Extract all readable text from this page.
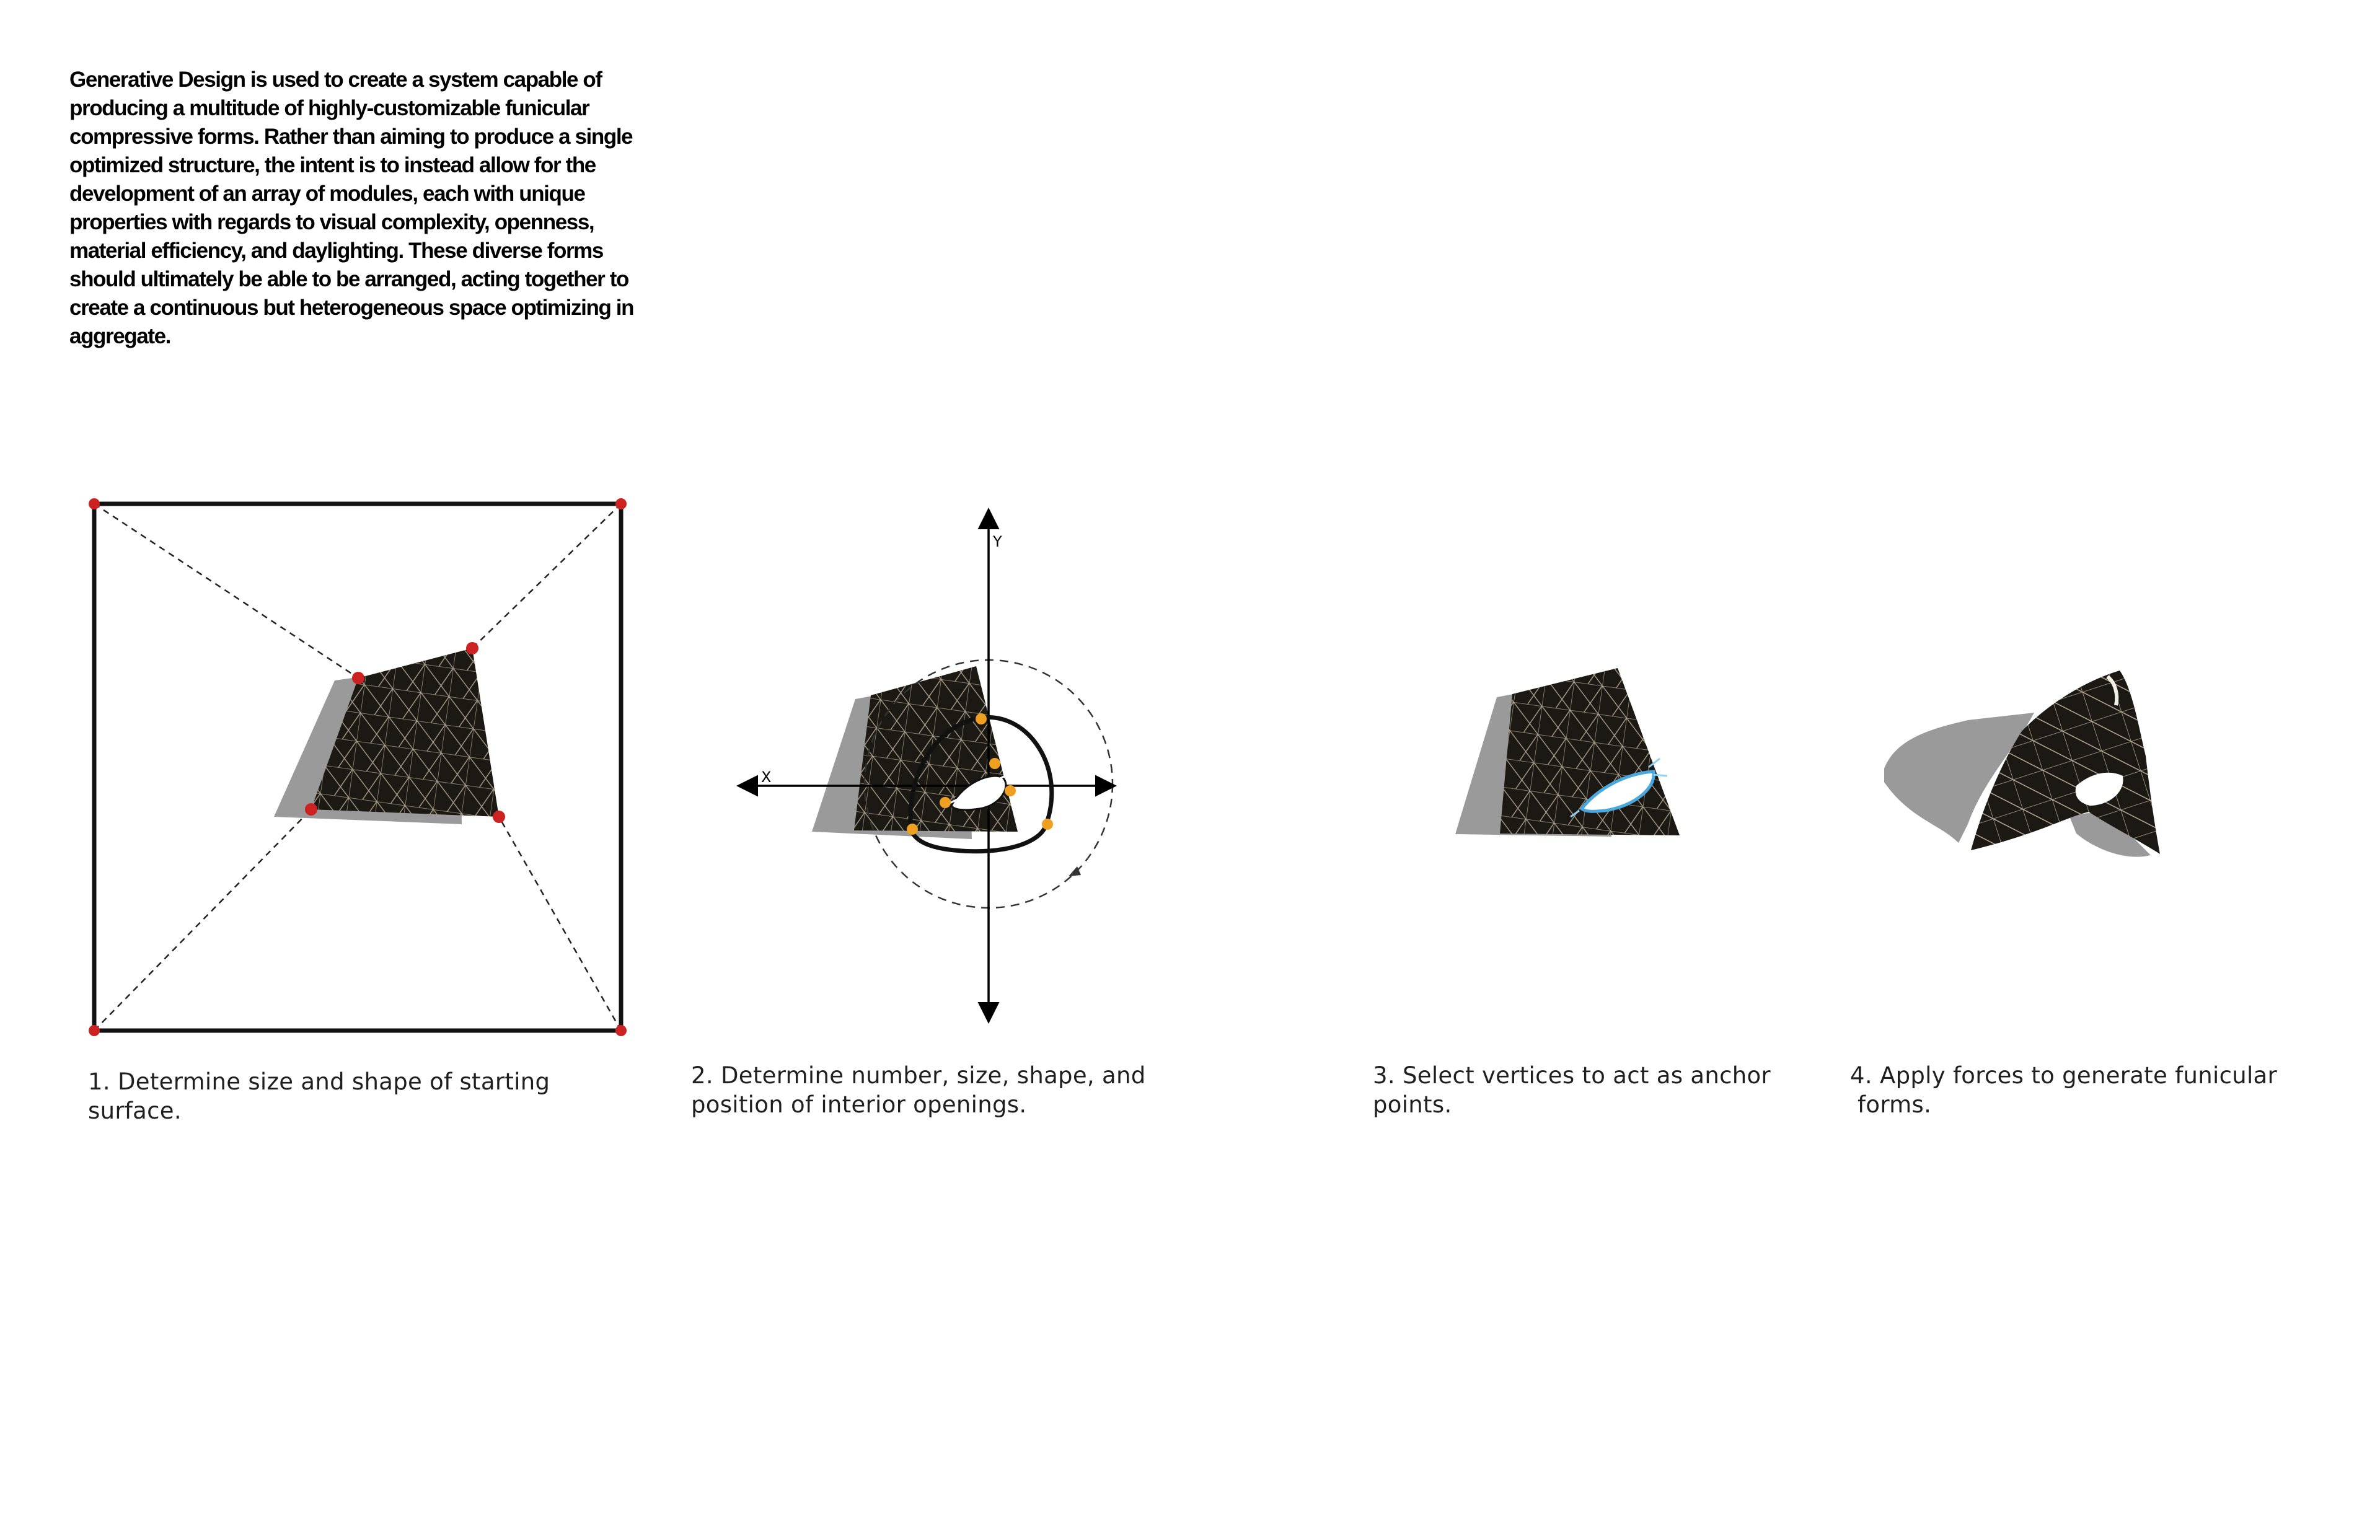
Generative Design is used to create a system capable of
producing a multitude of highly-customizable funicular
compressive forms. Rather than aiming to produce a single
optimized structure, the intent is to instead allow for the
development of an array of modules, each with unique
properties with regards to visual complexity, openness,
material efficiency, and daylighting. These diverse forms
should ultimately be able to be arranged, acting together to
create a continuous but heterogeneous space optimizing in
aggregate.
X
Y
1. Determine size and shape of starting
surface.
2. Determine number, size, shape, and
position of interior openings.
3. Select vertices to act as anchor
points.
4. Apply forces to generate funicular
forms.
